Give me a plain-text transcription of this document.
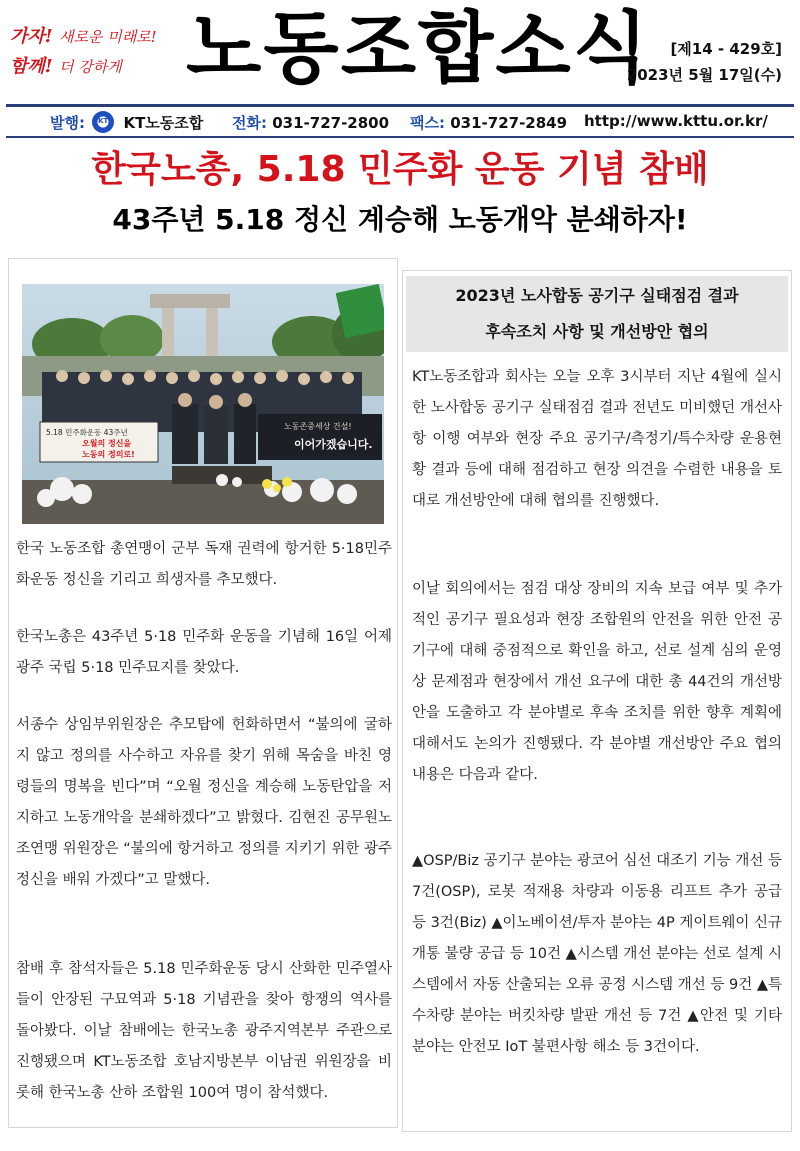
가자! 새로운 미래로!
함께! 더 강하게 노동조합소식	[제14 - 429호]
2023년 5월 17일(수)
발행: KT	KT노동조합 전화: 031-727-2800 팩스: 031-727-2849 http://www.kttu.or.kr/
한국노총, 5.18 민주화 운동 기념 참배
43주년 5.18 정신 계승해 노동개악 분쇄하자!
5.18 민주화운동 43주년
오월의 정신을
노동의 정의로!
노동존중세상 건설!
이어가겠습니다.
한국 노동조합 총연맹이 군부 독재 권력에 항거한 5·18민주화운동 정신을 기리고 희생자를 추모했다.
한국노총은 43주년 5·18 민주화 운동을 기념해 16일 어제 광주 국립 5·18 민주묘지를 찾았다.
서종수 상임부위원장은 추모탑에 헌화하면서 “불의에 굴하지 않고 정의를 사수하고 자유를 찾기 위해 목숨을 바친 영령들의 명복을 빈다”며 “오월 정신을 계승해 노동탄압을 저지하고 노동개악을 분쇄하겠다”고 밝혔다. 김현진 공무원노조연맹 위원장은 “불의에 항거하고 정의를 지키기 위한 광주정신을 배워 가겠다”고 말했다.
참배 후 참석자들은 5.18 민주화운동 당시 산화한 민주열사들이 안장된 구묘역과 5·18 기념관을 찾아 항쟁의 역사를 돌아봤다. 이날 참배에는 한국노총 광주지역본부 주관으로 진행됐으며 KT노동조합 호남지방본부 이남권 위원장을 비롯해 한국노총 산하 조합원 100여 명이 참석했다.
2023년 노사합동 공기구 실태점검 결과
후속조치 사항 및 개선방안 협의
KT노동조합과 회사는 오늘 오후 3시부터 지난 4월에 실시한 노사합동 공기구 실태점검 결과 전년도 미비했던 개선사항 이행 여부와 현장 주요 공기구/측정기/특수차량 운용현황 결과 등에 대해 점검하고 현장 의견을 수렴한 내용을 토대로 개선방안에 대해 협의를 진행했다.
이날 회의에서는 점검 대상 장비의 지속 보급 여부 및 추가적인 공기구 필요성과 현장 조합원의 안전을 위한 안전 공기구에 대해 중점적으로 확인을 하고, 선로 설계 심의 운영상 문제점과 현장에서 개선 요구에 대한 총 44건의 개선방안을 도출하고 각 분야별로 후속 조치를 위한 향후 계획에 대해서도 논의가 진행됐다. 각 분야별 개선방안 주요 협의내용은 다음과 같다.
▲OSP/Biz 공기구 분야는 광코어 심선 대조기 기능 개선 등 7건(OSP), 로봇 적재용 차량과 이동용 리프트 추가 공급 등 3건(Biz) ▲이노베이션/투자 분야는 4P 게이트웨이 신규 개통 불량 공급 등 10건 ▲시스템 개선 분야는 선로 설계 시스템에서 자동 산출되는 오류 공정 시스템 개선 등 9건 ▲특수차량 분야는 버킷차량 발판 개선 등 7건 ▲안전 및 기타 분야는 안전모 IoT 불편사항 해소 등 3건이다.
